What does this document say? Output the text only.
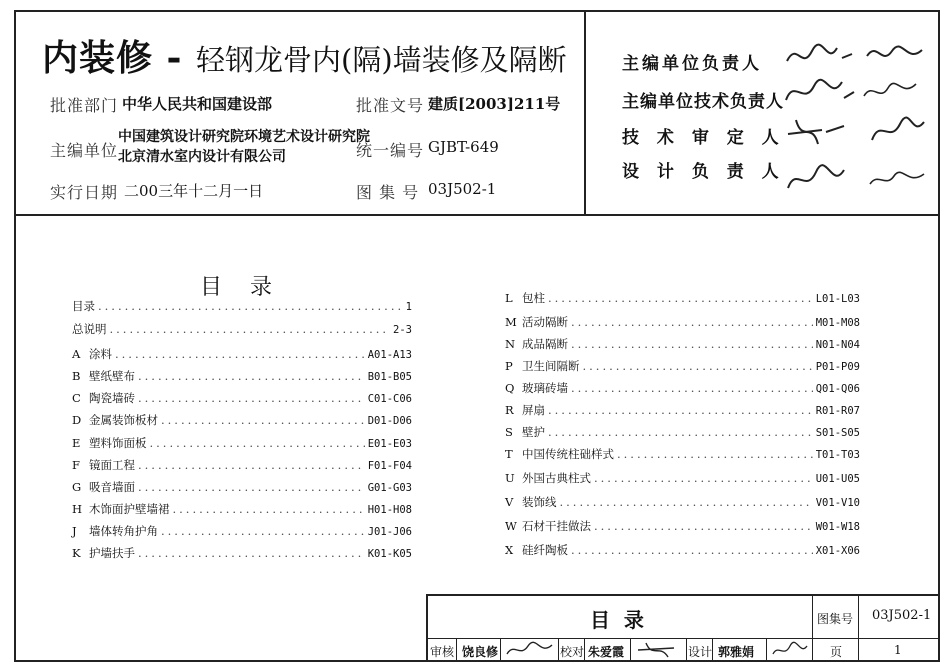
内装修 - 轻钢龙骨内(隔)墙装修及隔断
批准部门 中华人民共和国建设部	批准文号 建质[2003]211号
主编单位
中国建筑设计研究院环境艺术设计研究院
北京清水室内设计有限公司	统一编号 GJBT-649
实行日期 二00三年十二月一日	图 集 号 03J502-1
主编单位负责人
主编单位技术负责人
技 术 审 定 人
设 计 负 责 人
目    录
目录 .....	1
总说明 .....	2-3
A 涂料 .....	A01-A13
B 壁纸壁布 .....	B01-B05
C 陶瓷墙砖 .....	C01-C06
D 金属装饰板材 .....	D01-D06
E 塑料饰面板 .....	E01-E03
F 镜面工程 .....	F01-F04
G 吸音墙面 .....	G01-G03
H 木饰面护壁墙裙 .....	H01-H08
J	墙体转角护角 .....	J01-J06
K 护墙扶手 .....	K01-K05
L 包柱 .....	L01-L03
M 活动隔断 .....	M01-M08
N 成品隔断 .....	N01-N04
P 卫生间隔断 .....	P01-P09
Q 玻璃砖墙 .....	Q01-Q06
R 屏扇 .....	R01-R07
S 壁护 .....	S01-S05
T 中国传统柱础样式 .....	T01-T03
U 外国古典柱式 .....	U01-U05
V 装饰线 .....	V01-V10
W 石材干挂做法 .....	W01-W18
X 硅纤陶板 .....	X01-X06
目  录	图集号 03J502-1
审核 饶良修	校对 朱爱霞	设计 郭雅娟	页	1
